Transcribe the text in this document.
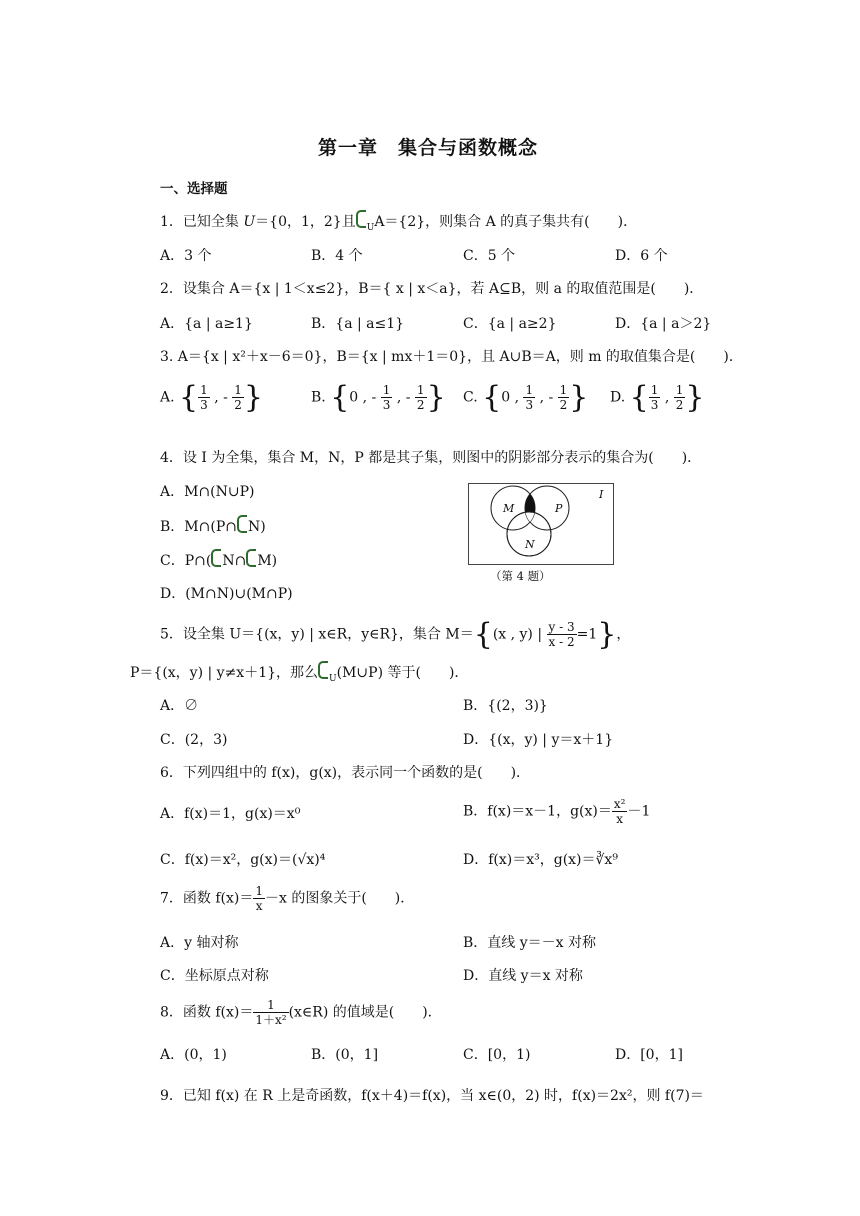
第一章　集合与函数概念
一、选择题
1．已知全集 U＝{0，1，2}且 $_U$A＝{2}，则集合 A 的真子集共有(　　)．
A．3 个	B．4 个	C．5 个	D．6 个
2．设集合 A＝{x | 1＜x≤2}，B＝{ x | x＜a}，若 A⊆B，则 a 的取值范围是(　　)．
A．{a | a≥1}	B．{a | a≤1}	C．{a | a≥2}	D．{a | a＞2}
3. A＝{x | x²＋x－6＝0}，B＝{x | mx＋1＝0}，且 A∪B＝A，则 m 的取值集合是(　　)．
A. { $\frac{1}{3}$ , - $\frac{1}{2}$ }	B. {0 , - $\frac{1}{3}$ , - $\frac{1}{2}$ } C. {0 , $\frac{1}{3}$ , - $\frac{1}{2}$ } D. { $\frac{1}{3}$ , $\frac{1}{2}$ }
4．设 I 为全集，集合 M，N，P 都是其子集，则图中的阴影部分表示的集合为(　　)．
A．M∩(N∪P)
B．M∩(P∩ N)
C．P∩( N∩ M)
D．(M∩N)∪(M∩P)
M	P
N
I
（第 4 题）
5．设全集 U＝{(x，y) | x∈R，y∈R}，集合 M＝{(x , y) | $\frac{y - 3}{x - 2} =1$}，
P＝{(x，y) | y≠x＋1}，那么 $_U$(M∪P) 等于(　　)．
A．∅	B．{(2，3)}
C．(2，3)	D．{(x，y) | y＝x＋1}
6．下列四组中的 f(x)，g(x)，表示同一个函数的是(　　)．
A．f(x)＝1，g(x)＝x⁰	B．f(x)＝x－1，$g(x)= \frac{\text{x²}}{x} -1$
C．f(x)＝x²，g(x)＝(√x)⁴	D．f(x)＝x³，g(x)＝∛x⁹
7．函数 $f(x)= \frac{1}{x} -x$ 的图象关于(　　)．
A．y 轴对称	B．直线 y＝－x 对称
C．坐标原点对称	D．直线 y＝x 对称
8．函数 $f(x)= \frac{1}{\text{1＋x²}}$ (x∈R) 的值域是(　　)．
A．(0，1)	B．(0，1]	C．[0，1)	D．[0，1]
9．已知 f(x) 在 R 上是奇函数，f(x＋4)＝f(x)，当 x∈(0，2) 时，f(x)＝2x²，则 f(7)＝
